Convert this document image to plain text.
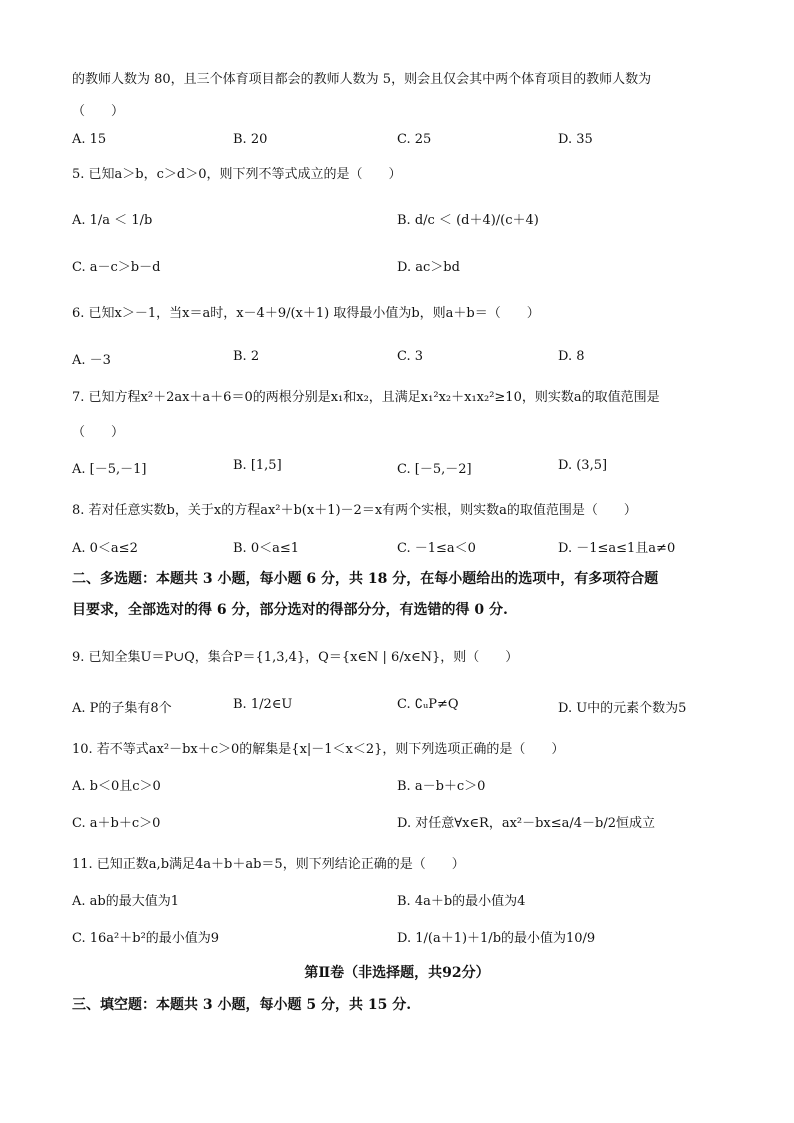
的教师人数为 80，且三个体育项目都会的教师人数为 5，则会且仅会其中两个体育项目的教师人数为
（　　）
A. 15	B. 20	C. 25	D. 35
5. 已知a＞b，c＞d＞0，则下列不等式成立的是（　　）
A. 1/a ＜ 1/b	B. d/c ＜ (d＋4)/(c＋4)
C. a－c＞b－d	D. ac＞bd
6. 已知x＞－1，当x＝a时，x－4＋9/(x＋1) 取得最小值为b，则a＋b＝（　　）
A. －3	B. 2	C. 3	D. 8
7. 已知方程x²＋2ax＋a＋6＝0的两根分别是x₁和x₂，且满足x₁²x₂＋x₁x₂²≥10，则实数a的取值范围是
（　　）
A. [－5,－1]	B. [1,5]	C. [－5,－2]	D. (3,5]
8. 若对任意实数b，关于x的方程ax²＋b(x＋1)－2＝x有两个实根，则实数a的取值范围是（　　）
A. 0＜a≤2	B. 0＜a≤1	C. －1≤a＜0	D. －1≤a≤1且a≠0
二、多选题：本题共 3 小题，每小题 6 分，共 18 分，在每小题给出的选项中，有多项符合题
目要求，全部选对的得 6 分，部分选对的得部分分，有选错的得 0 分.
9. 已知全集U＝P∪Q，集合P＝{1,3,4}，Q＝{x∈N | 6/x∈N}，则（　　）
A. P的子集有8个	B. 1/2∈U	C. ∁ᵤP≠Q	D. U中的元素个数为5
10. 若不等式ax²－bx＋c＞0的解集是{x|－1＜x＜2}，则下列选项正确的是（　　）
A. b＜0且c＞0	B. a－b＋c＞0
C. a＋b＋c＞0	D. 对任意∀x∈R，ax²－bx≤a/4－b/2恒成立
11. 已知正数a,b满足4a＋b＋ab＝5，则下列结论正确的是（　　）
A. ab的最大值为1	B. 4a＋b的最小值为4
C. 16a²＋b²的最小值为9	D. 1/(a＋1)＋1/b的最小值为10/9
第Ⅱ卷（非选择题，共92分）
三、填空题：本题共 3 小题，每小题 5 分，共 15 分.
